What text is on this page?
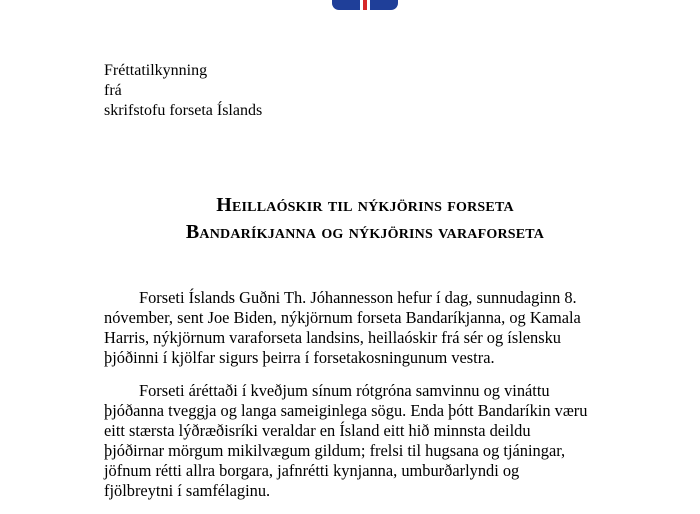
Fréttatilkynning
frá
skrifstofu forseta Íslands
Heillaóskir til nýkjörins forseta
Bandaríkjanna og nýkjörins varaforseta
Forseti Íslands Guðni Th. Jóhannesson hefur í dag, sunnudaginn 8.
nóvember, sent Joe Biden, nýkjörnum forseta Bandaríkjanna, og Kamala
Harris, nýkjörnum varaforseta landsins, heillaóskir frá sér og íslensku
þjóðinni í kjölfar sigurs þeirra í forsetakosningunum vestra.
Forseti áréttaði í kveðjum sínum rótgróna samvinnu og vináttu
þjóðanna tveggja og langa sameiginlega sögu. Enda þótt Bandaríkin væru
eitt stærsta lýðræðisríki veraldar en Ísland eitt hið minnsta deildu
þjóðirnar mörgum mikilvægum gildum; frelsi til hugsana og tjáningar,
jöfnum rétti allra borgara, jafnrétti kynjanna, umburðarlyndi og
fjölbreytni í samfélaginu.
